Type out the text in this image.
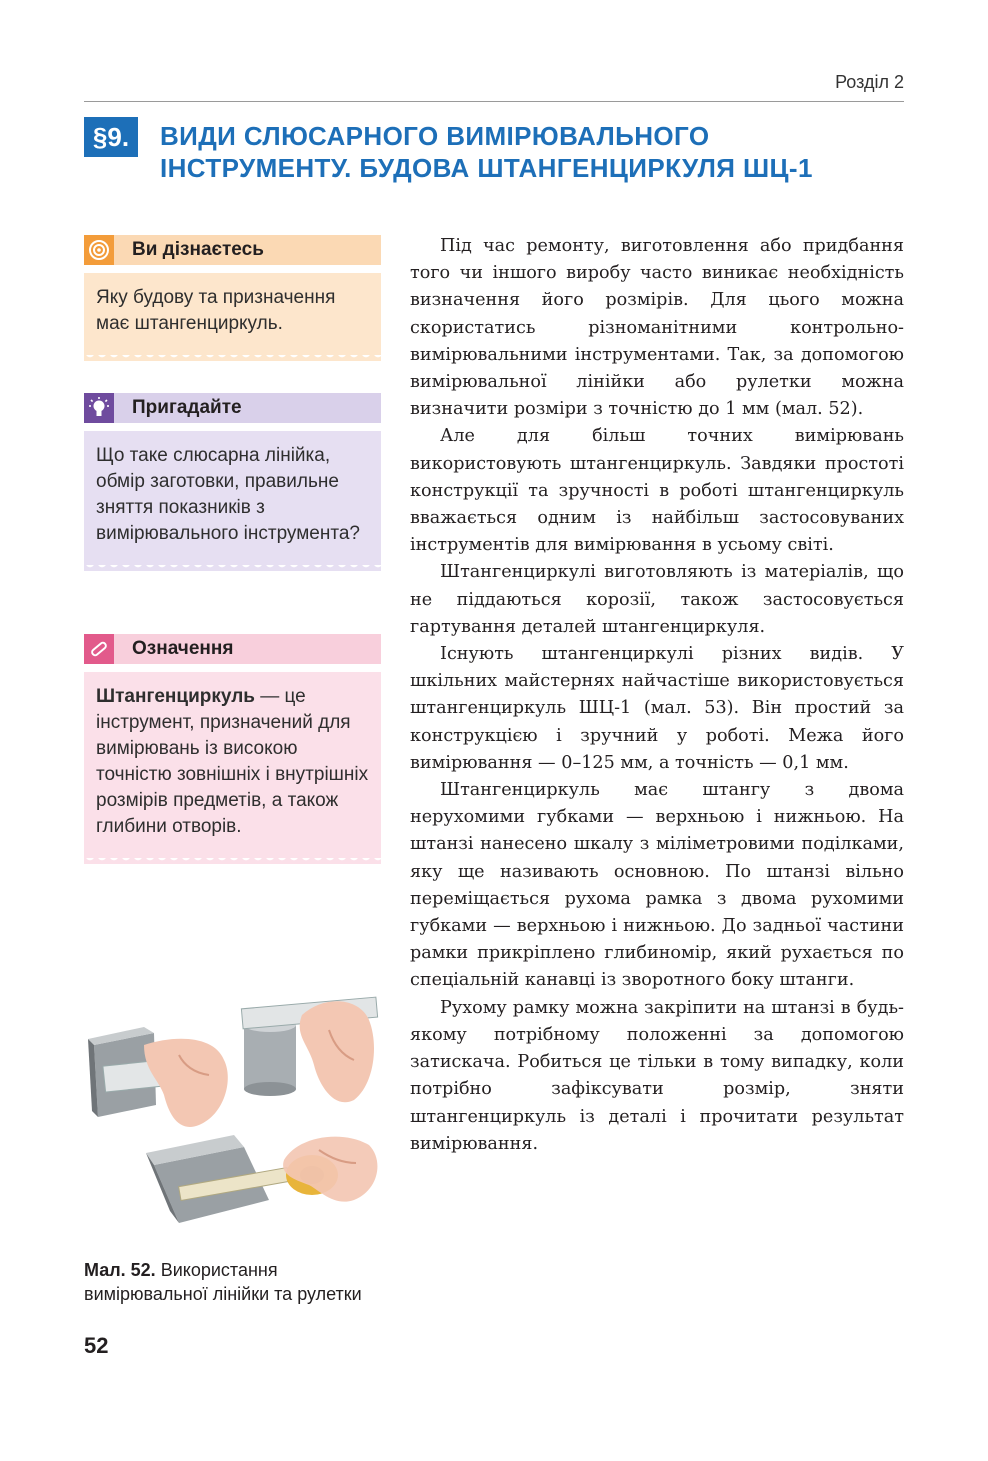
Розділ 2
§9.	ВИДИ СЛЮСАРНОГО ВИМІРЮВАЛЬНОГО
ІНСТРУМЕНТУ. БУДОВА ШТАНГЕНЦИРКУЛЯ ШЦ-1
Ви дізнаєтесь
Яку будову та призначення має штангенциркуль.
Пригадайте
Що таке слюсарна лінійка, обмір заготовки, правильне зняття показників з вимірювального інструмента?
Означення
Штангенциркуль — це інструмент, призначений для вимірювань із високою точністю зовнішніх і внутрішніх розмірів предметів, а також глибини отворів.
Мал. 52. Використання вимірювальної лінійки та рулетки
52

Під час ремонту, виготовлення або придбання того чи іншого виробу часто виникає необхідність визначення його розмірів. Для цього можна скористатись різноманітними контрольно-вимірювальними інструментами. Так, за допомогою вимірювальної лінійки або рулетки можна визначити розміри з точністю до 1 мм (мал. 52).

Але для більш точних вимірювань використовують штангенциркуль. Завдяки простоті конструкції та зручності в роботі штангенциркуль вважається одним із найбільш застосовуваних інструментів для вимірювання в усьому світі.

Штангенциркулі виготовляють із матеріалів, що не піддаються корозії, також застосовується гартування деталей штангенциркуля.

Існують штангенциркулі різних видів. У шкільних майстернях найчастіше використовується штангенциркуль ШЦ-1 (мал. 53). Він простий за конструкцією і зручний у роботі. Межа його вимірювання — 0–125 мм, а точність — 0,1 мм.

Штангенциркуль має штангу з двома нерухомими губками — верхньою і нижньою. На штанзі нанесено шкалу з міліметровими поділками, яку ще називають основною. По штанзі вільно переміщається рухома рамка з двома рухомими губками — верхньою і нижньою. До задньої частини рамки прикріплено глибиномір, який рухається по спеціальній канавці із зворотного боку штанги.

Рухому рамку можна закріпити на штанзі в будь-якому потрібному положенні за допомогою затискача. Робиться це тільки в тому випадку, коли потрібно зафіксувати розмір, зняти штангенциркуль із деталі і прочитати результат вимірювання.
